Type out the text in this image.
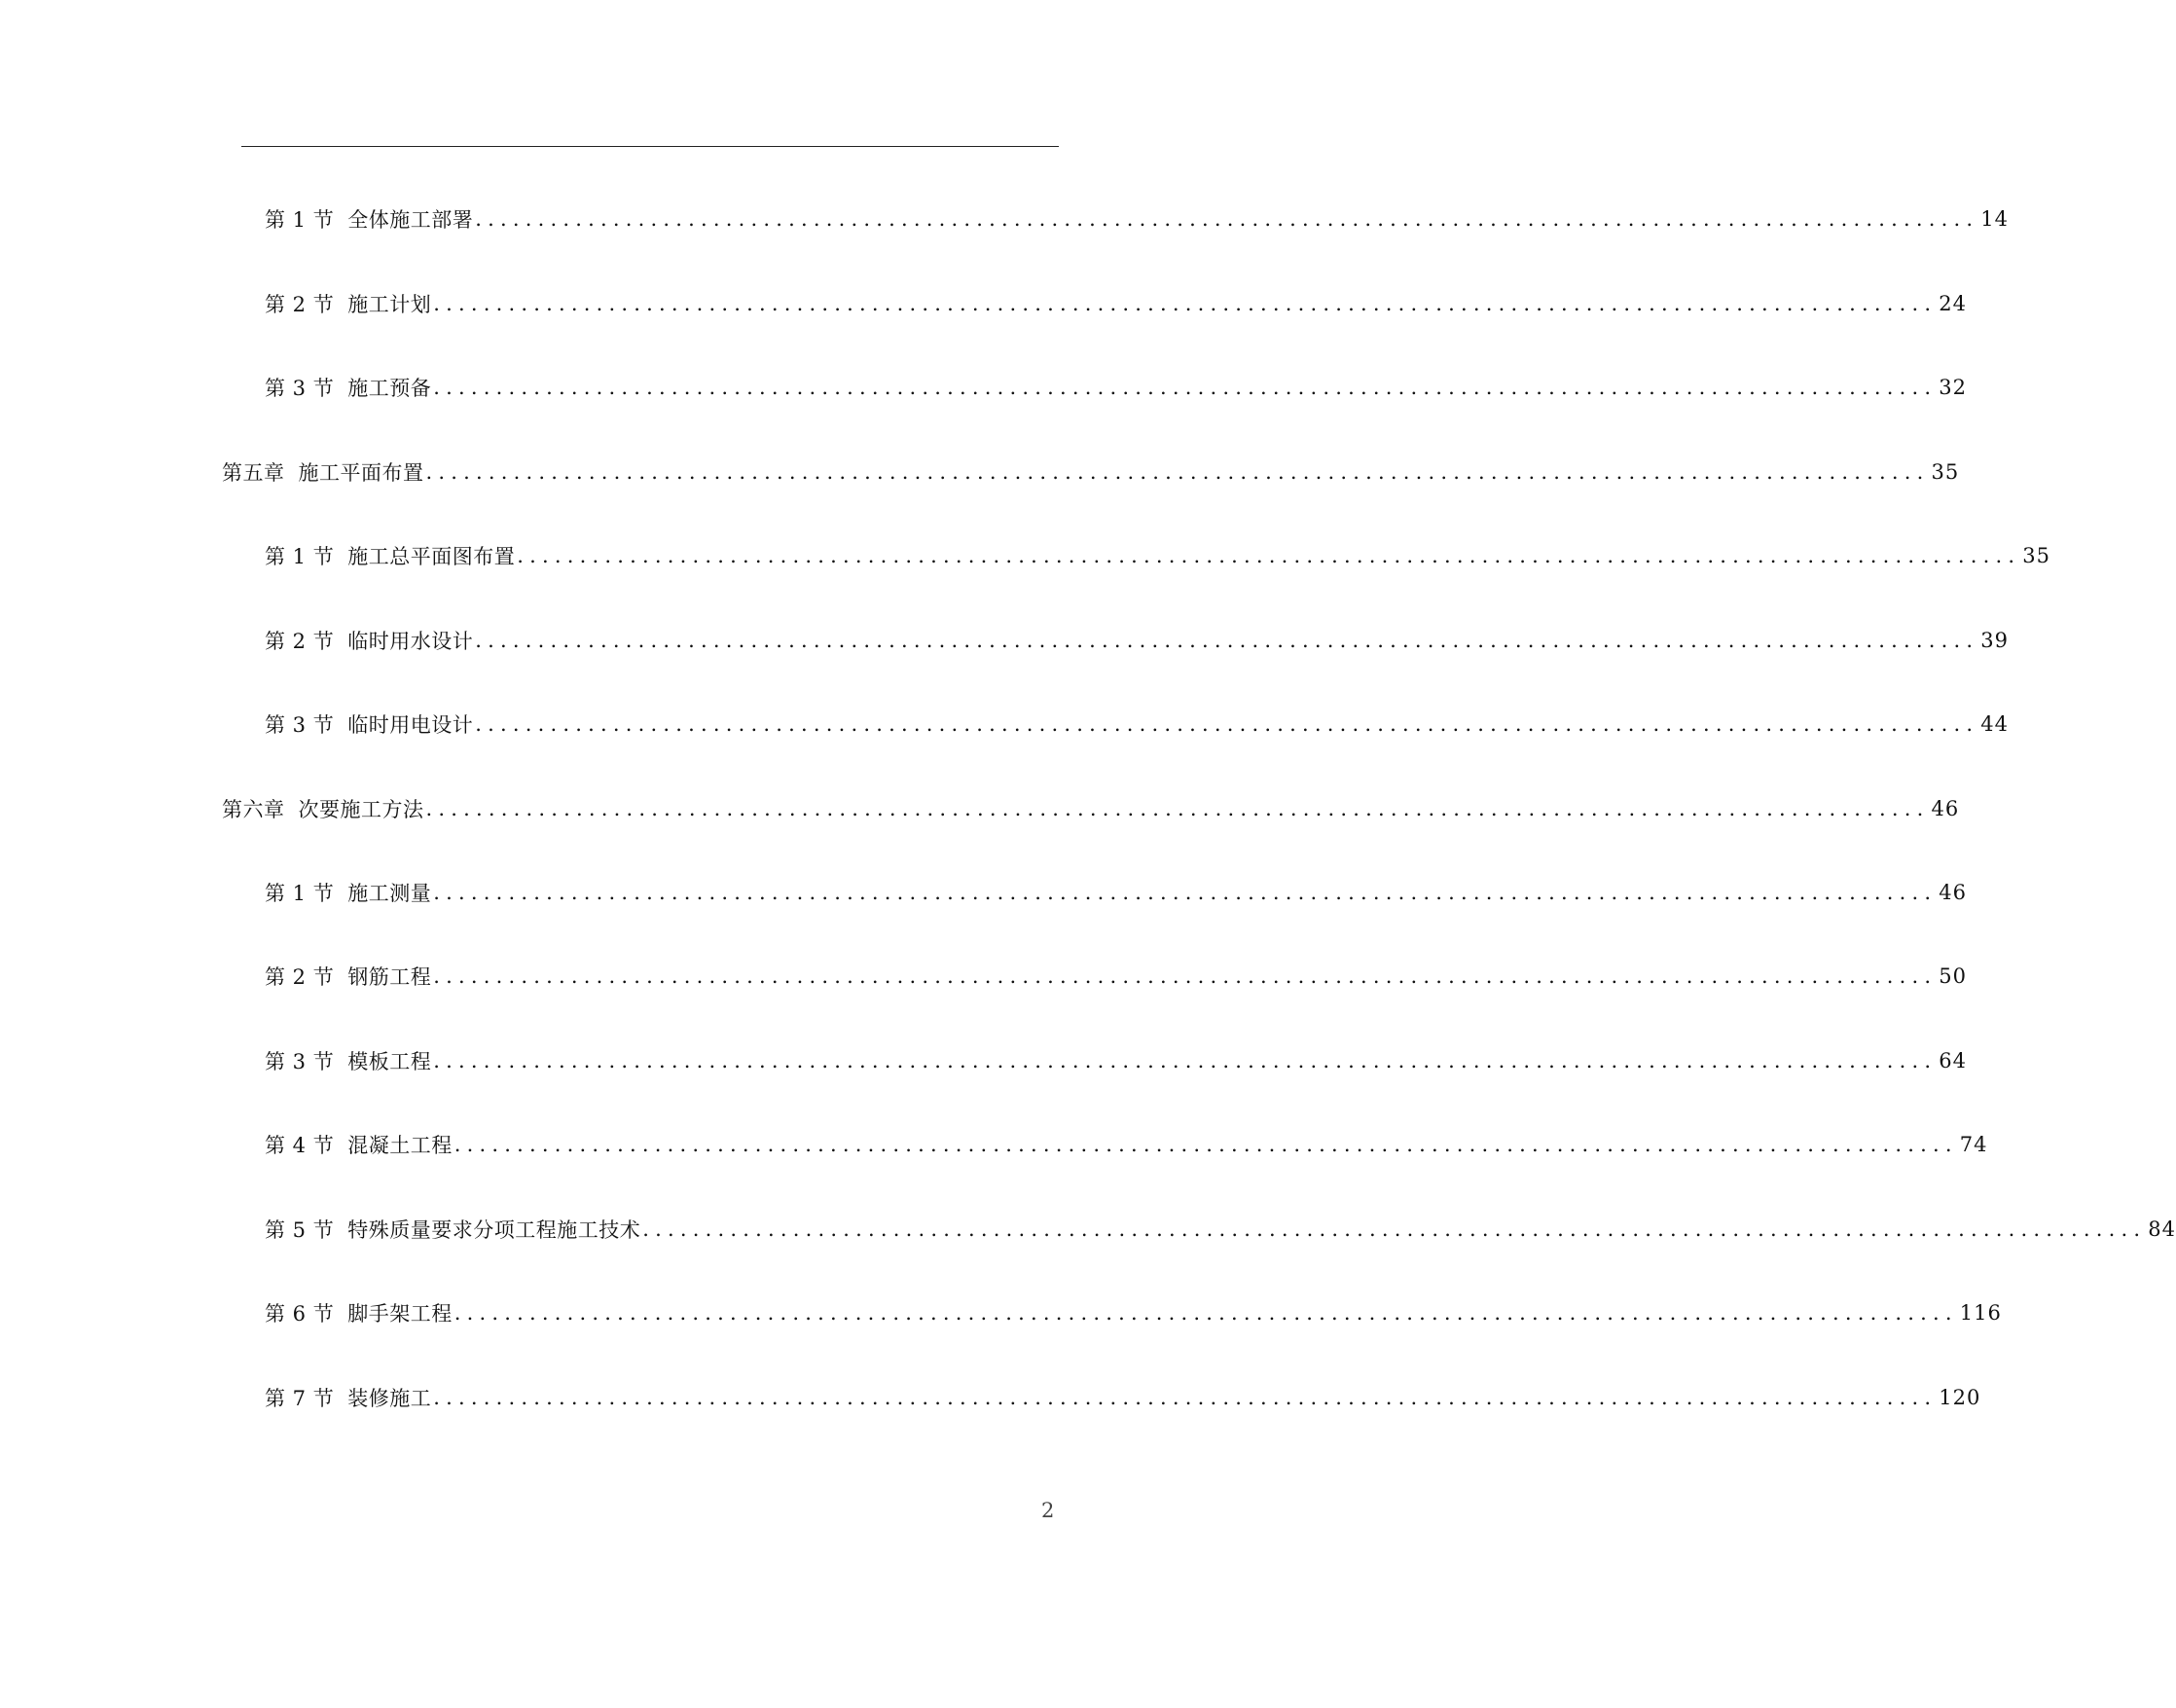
第 1 节 全体施工部署 ........................................................................................................................ 14
第 2 节 施工计划 ........................................................................................................................ 24
第 3 节 施工预备 ........................................................................................................................ 32
第五章 施工平面布置 ........................................................................................................................ 35
第 1 节 施工总平面图布置 ........................................................................................................................ 35
第 2 节 临时用水设计 ........................................................................................................................ 39
第 3 节 临时用电设计 ........................................................................................................................ 44
第六章 次要施工方法 ........................................................................................................................ 46
第 1 节 施工测量 ........................................................................................................................ 46
第 2 节 钢筋工程 ........................................................................................................................ 50
第 3 节 模板工程 ........................................................................................................................ 64
第 4 节 混凝土工程 ........................................................................................................................ 74
第 5 节 特殊质量要求分项工程施工技术 ........................................................................................................................ 84
第 6 节 脚手架工程 ........................................................................................................................ 116
第 7 节 装修施工 ........................................................................................................................ 120
2
